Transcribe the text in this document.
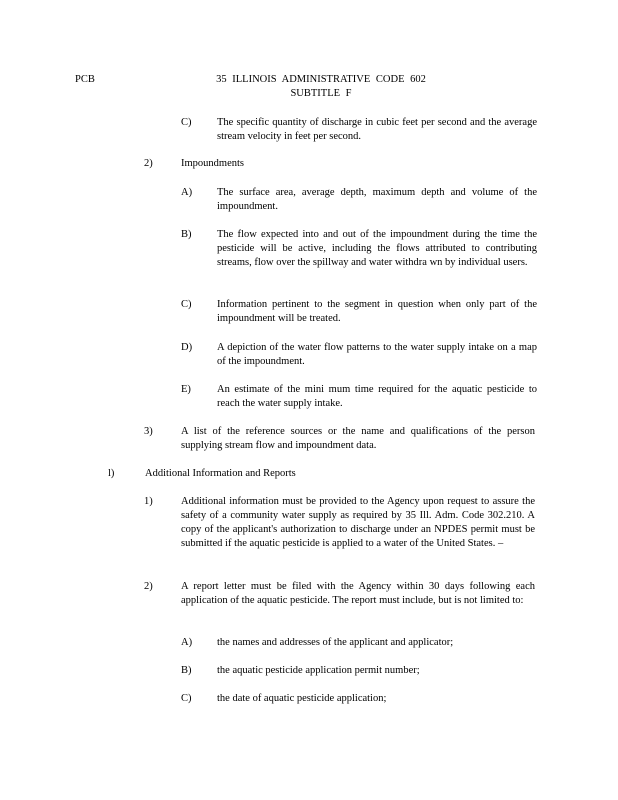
PCB	35 ILLINOIS ADMINISTRATIVE CODE 602
SUBTITLE F
C) The specific quantity of discharge in cubic feet per second and the average stream velocity in feet per second.
2)	Impoundments
A) The surface area, average depth, maximum depth and volume of the impoundment.
B) The flow expected into and out of the impoundment during the time the pesticide will be active, including the flows attributed to contributing streams, flow over the spillway and water withdra wn by individual users.
C) Information pertinent to the segment in question when only part of the impoundment will be treated.
D) A depiction of the water flow patterns to the water supply intake on a map of the impoundment.
E) An estimate of the mini mum time required for the aquatic pesticide to reach the water supply intake.
3)	A list of the reference sources or the name and qualifications of the person supplying stream flow and impoundment data.
l)	Additional Information and Reports
1)	Additional information must be provided to the Agency upon request to assure the safety of a community water supply as required by 35 Ill. Adm. Code 302.210. A copy of the applicant's authorization to discharge under an NPDES permit must be submitted if the aquatic pesticide is applied to a water of the United States. –
2)	A report letter must be filed with the Agency within 30 days following each application of the aquatic pesticide. The report must include, but is not limited to:
A) the names and addresses of the applicant and applicator;
B) the aquatic pesticide application permit number;
C) the date of aquatic pesticide application;
